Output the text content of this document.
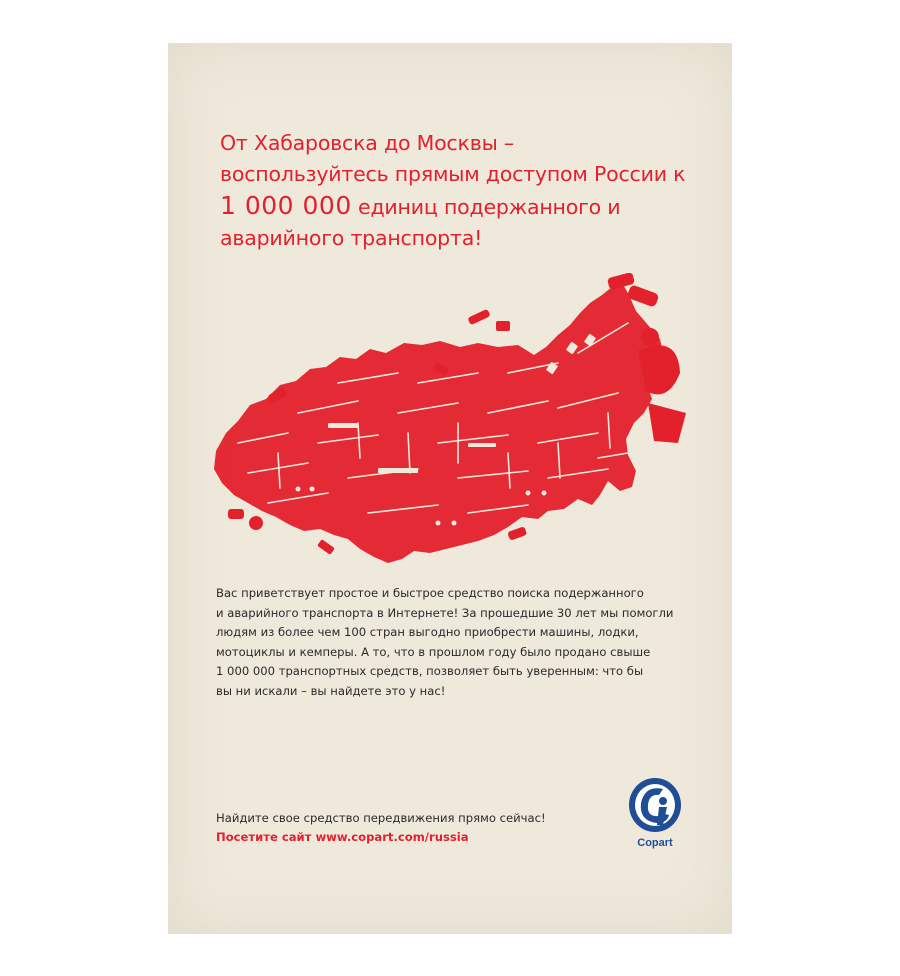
От Хабаровска до Москвы –
воспользуйтесь прямым доступом России к
1 000 000 единиц подержанного и
аварийного транспорта!
Вас приветствует простое и быстрое средство поиска подержанного
и аварийного транспорта в Интернете! За прошедшие 30 лет мы помогли
людям из более чем 100 стран выгодно приобрести машины, лодки,
мотоциклы и кемперы. А то, что в прошлом году было продано свыше
1 000 000 транспортных средств, позволяет быть уверенным: что бы
вы ни искали – вы найдете это у нас!
Найдите свое средство передвижения прямо сейчас!
Посетите сайт www.copart.com/russia	Copart
